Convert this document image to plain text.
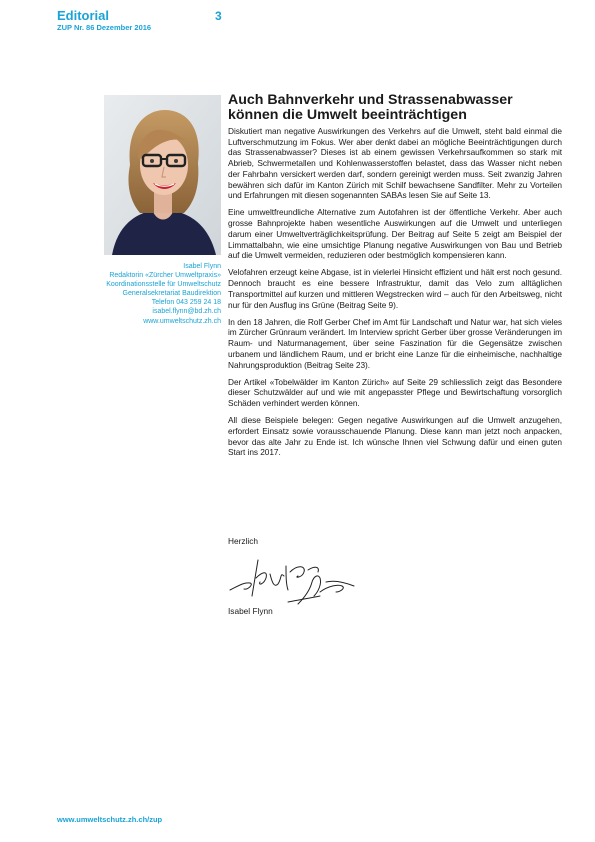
Editorial
ZUP Nr. 86 Dezember 2016
3
Isabel Flynn
Redaktorin «Zürcher Umweltpraxis»
Koordinationsstelle für Umweltschutz
Generalsekretariat Baudirektion
Telefon 043 259 24 18
isabel.flynn@bd.zh.ch
www.umweltschutz.zh.ch
Auch Bahnverkehr und Strassenabwasser
können die Umwelt beeinträchtigen

Diskutiert man negative Auswirkungen des Verkehrs auf die Umwelt, steht bald einmal die Luftverschmutzung im Fokus. Wer aber denkt dabei an mögliche Beeinträchtigungen durch das Strassenabwasser? Dieses ist ab einem gewissen Verkehrsaufkommen so stark mit Abrieb, Schwermetallen und Kohlenwasserstoffen belastet, dass das Wasser nicht neben der Fahrbahn versickert werden darf, sondern gereinigt werden muss. Seit zwanzig Jahren bewähren sich dafür im Kanton Zürich mit Schilf bewachsene Sandfilter. Mehr zu Vorteilen und Erfahrungen mit diesen sogenannten SABAs lesen Sie auf Seite 13.

Eine umweltfreundliche Alternative zum Autofahren ist der öffentliche Verkehr. Aber auch grosse Bahnprojekte haben wesentliche Auswirkungen auf die Umwelt und unterliegen darum einer Umweltverträglichkeitsprüfung. Der Beitrag auf Seite 5 zeigt am Beispiel der Limmattalbahn, wie eine umsichtige Planung negative Auswirkungen von Bau und Betrieb auf die Umwelt vermeiden, reduzieren oder bestmöglich kompensieren kann.

Velofahren erzeugt keine Abgase, ist in vielerlei Hinsicht effizient und hält erst noch gesund. Dennoch braucht es eine bessere Infrastruktur, damit das Velo zum alltäglichen Transportmittel auf kurzen und mittleren Wegstrecken wird – auch für den Arbeitsweg, nicht nur für den Ausflug ins Grüne (Beitrag Seite 9).

In den 18 Jahren, die Rolf Gerber Chef im Amt für Landschaft und Natur war, hat sich vieles im Zürcher Grünraum verändert. Im Interview spricht Gerber über grosse Veränderungen im Raum- und Naturmanagement, über seine Faszination für die Gegensätze zwischen urbanem und ländlichem Raum, und er bricht eine Lanze für die einheimische, nachhaltige Nahrungsproduktion (Beitrag Seite 23).

Der Artikel «Tobelwälder im Kanton Zürich» auf Seite 29 schliesslich zeigt das Besondere dieser Schutzwälder auf und wie mit angepasster Pflege und Bewirtschaftung vorsorglich Schäden verhindert werden können.

All diese Beispiele belegen: Gegen negative Auswirkungen auf die Umwelt anzugehen, erfordert Einsatz sowie vorausschauende Planung. Diese kann man jetzt noch anpacken, bevor das alte Jahr zu Ende ist. Ich wünsche Ihnen viel Schwung dafür und einen guten Start ins 2017.

Herzlich
Isabel Flynn
www.umweltschutz.zh.ch/zup
